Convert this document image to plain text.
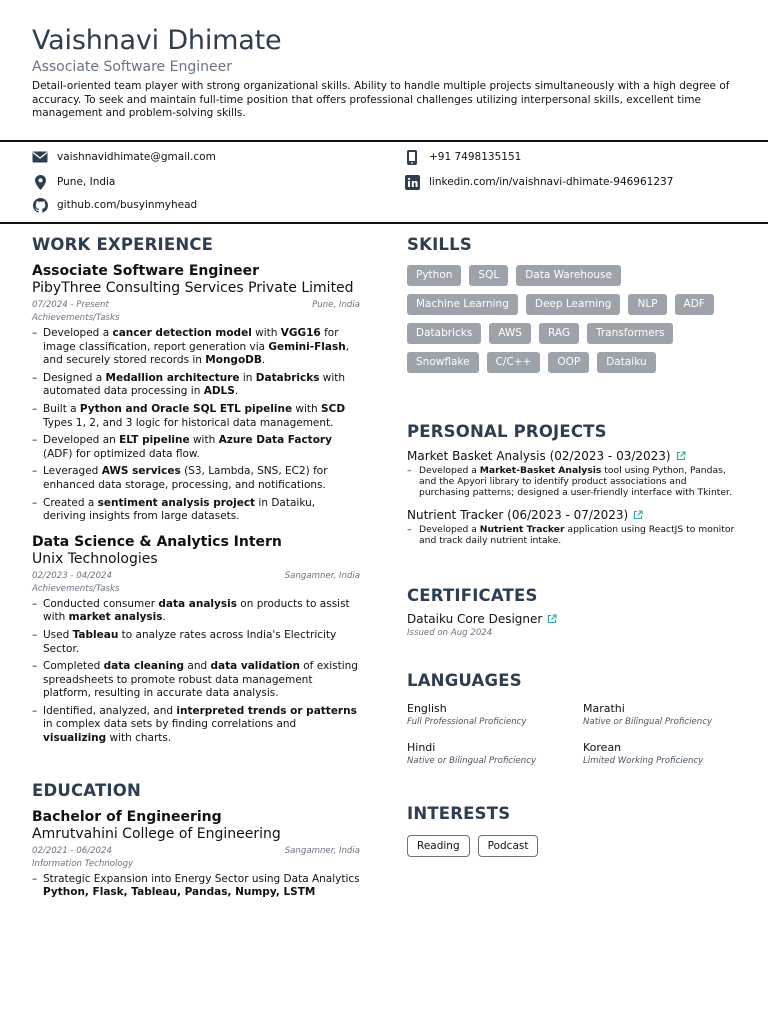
Vaishnavi Dhimate
Associate Software Engineer
Detail-oriented team player with strong organizational skills. Ability to handle multiple projects simultaneously with a high degree of accuracy. To seek and maintain full-time position that offers professional challenges utilizing interpersonal skills, excellent time management and problem-solving skills.
vaishnavidhimate@gmail.com	+91 7498135151
Pune, India	linkedin.com/in/vaishnavi-dhimate-946961237
github.com/busyinmyhead
WORK EXPERIENCE
Associate Software Engineer
PibyThree Consulting Services Private Limited
07/2024 - Present	Pune, India
Achievements/Tasks
– Developed a cancer detection model with VGG16 for image classification, report generation via Gemini-Flash, and securely stored records in MongoDB.
– Designed a Medallion architecture in Databricks with automated data processing in ADLS.
– Built a Python and Oracle SQL ETL pipeline with SCD Types 1, 2, and 3 logic for historical data management.
– Developed an ELT pipeline with Azure Data Factory (ADF) for optimized data flow.
– Leveraged AWS services (S3, Lambda, SNS, EC2) for enhanced data storage, processing, and notifications.
– Created a sentiment analysis project in Dataiku, deriving insights from large datasets.
Data Science & Analytics Intern
Unix Technologies
02/2023 - 04/2024	Sangamner, India
Achievements/Tasks
– Conducted consumer data analysis on products to assist with market analysis.
– Used Tableau to analyze rates across India's Electricity Sector.
– Completed data cleaning and data validation of existing spreadsheets to promote robust data management platform, resulting in accurate data analysis.
– Identified, analyzed, and interpreted trends or patterns in complex data sets by finding correlations and visualizing with charts.
EDUCATION
Bachelor of Engineering
Amrutvahini College of Engineering
02/2021 - 06/2024	Sangamner, India
Information Technology
– Strategic Expansion into Energy Sector using Data Analytics
Python, Flask, Tableau, Pandas, Numpy, LSTM
SKILLS
Python	SQL	Data Warehouse
Machine Learning	Deep Learning	NLP	ADF
Databricks	AWS	RAG	Transformers
Snowflake	C/C++	OOP	Dataiku
PERSONAL PROJECTS
Market Basket Analysis (02/2023 - 03/2023)
– Developed a Market-Basket Analysis tool using Python, Pandas, and the Apyori library to identify product associations and purchasing patterns; designed a user-friendly interface with Tkinter.
Nutrient Tracker (06/2023 - 07/2023)
– Developed a Nutrient Tracker application using ReactJS to monitor and track daily nutrient intake.
CERTIFICATES
Dataiku Core Designer
Issued on Aug 2024
LANGUAGES
English
Full Professional Proficiency
Marathi
Native or Bilingual Proficiency
Hindi
Native or Bilingual Proficiency
Korean
Limited Working Proficiency
INTERESTS
Reading	Podcast
